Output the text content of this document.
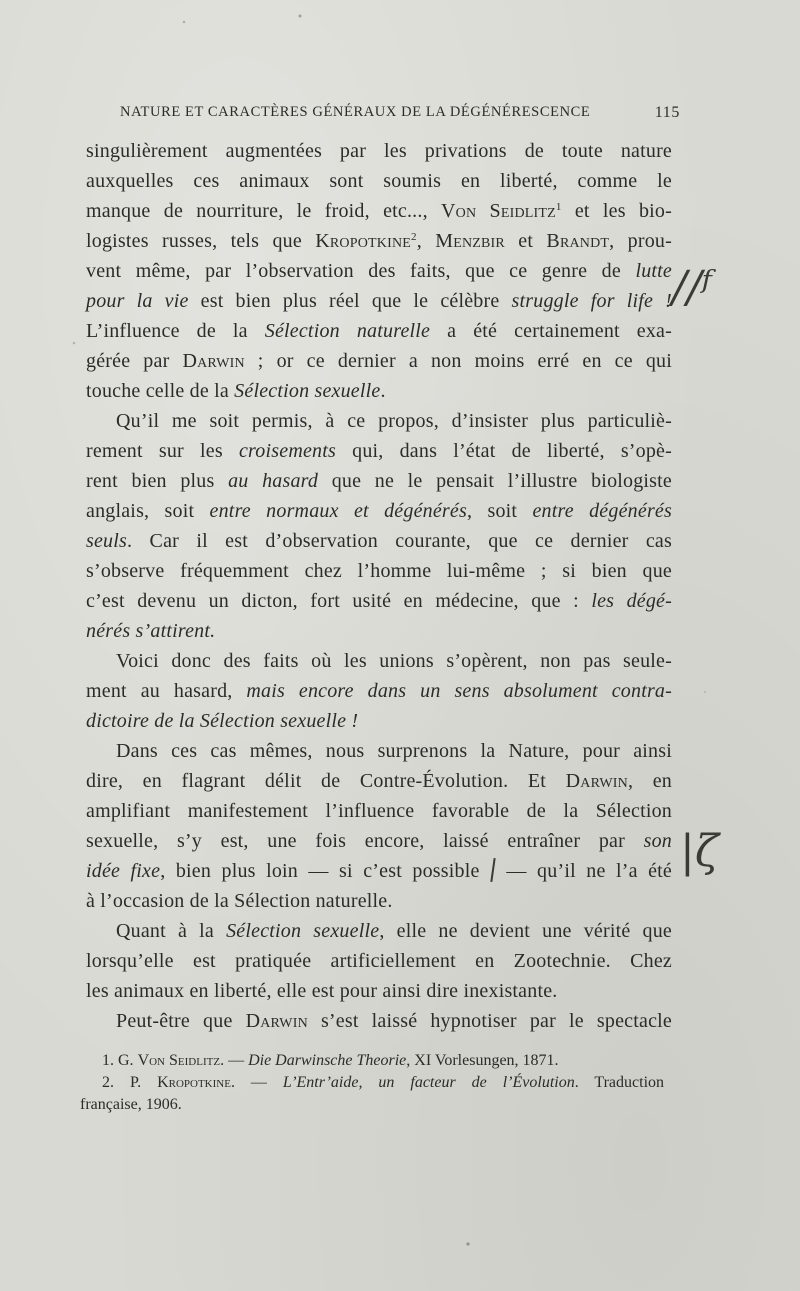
NATURE ET CARACTÈRES GÉNÉRAUX DE LA DÉGÉNÉRESCENCE	115
singulièrement augmentées par les privations de toute nature
auxquelles ces animaux sont soumis en liberté, comme le
manque de nourriture, le froid, etc..., Von Seidlitz$^1$ et les bio-
logistes russes, tels que Kropotkine$^2$, Menzbir et Brandt, prou-
vent même, par l’observation des faits, que ce genre de lutte
pour la vie est bien plus réel que le célèbre struggle for life !
L’influence de la Sélection naturelle a été certainement exa-
gérée par Darwin ; or ce dernier a non moins erré en ce qui
touche celle de la Sélection sexuelle.
Qu’il me soit permis, à ce propos, d’insister plus particuliè-
rement sur les croisements qui, dans l’état de liberté, s’opè-
rent bien plus au hasard que ne le pensait l’illustre biologiste
anglais, soit entre normaux et dégénérés, soit entre dégénérés
seuls. Car il est d’observation courante, que ce dernier cas
s’observe fréquemment chez l’homme lui-même ; si bien que
c’est devenu un dicton, fort usité en médecine, que : les dégé-
nérés s’attirent.
Voici donc des faits où les unions s’opèrent, non pas seule-
ment au hasard, mais encore dans un sens absolument contra-
dictoire de la Sélection sexuelle !
Dans ces cas mêmes, nous surprenons la Nature, pour ainsi
dire, en flagrant délit de Contre-Évolution. Et Darwin, en
amplifiant manifestement l’influence favorable de la Sélection
sexuelle, s’y est, une fois encore, laissé entraîner par son
idée fixe, bien plus loin — si c’est possible  — qu’il ne l’a été
à l’occasion de la Sélection naturelle.
Quant à la Sélection sexuelle, elle ne devient une vérité que
lorsqu’elle est pratiquée artificiellement en Zootechnie. Chez
les animaux en liberté, elle est pour ainsi dire inexistante.
Peut-être que Darwin s’est laissé hypnotiser par le spectacle
1. G. Von Seidlitz. — Die Darwinsche Theorie, XI Vorlesungen, 1871.
2. P. Kropotkine. — L’Entr’aide, un facteur de l’Évolution. Traduction
française, 1906.
//ᶠ
|ζ
